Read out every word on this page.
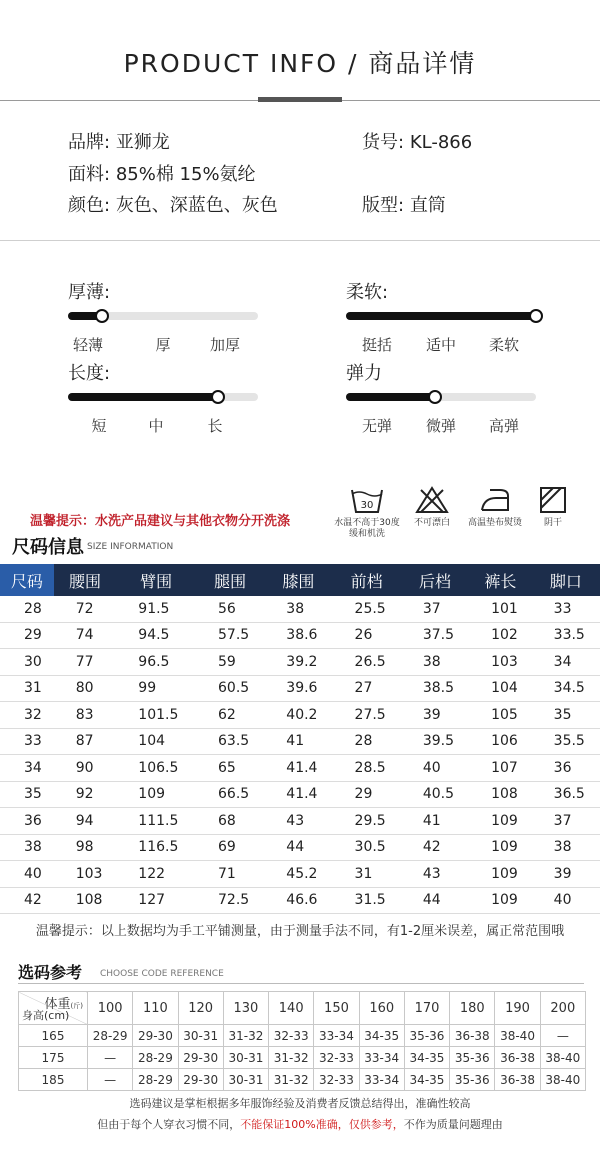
PRODUCT INFO / 商品详情
品牌: 亚狮龙	货号: KL-866
面料: 85%棉 15%氨纶
颜色: 灰色、深蓝色、灰色	版型: 直筒
厚薄:
轻薄	厚	加厚
柔软:
挺括	适中	柔软
长度:
短	中	长
弹力
无弹	微弹	高弹
温馨提示：水洗产品建议与其他衣物分开洗涤
尺码信息 SIZE INFORMATION
30
水温不高于30度缓和机洗
不可漂白	高温垫布熨烫	阴干
尺码	腰围	臂围	腿围	膝围	前档	后档	裤长	脚口
28	72	91.5	56	38	25.5	37	101	33
29	74	94.5	57.5	38.6	26	37.5	102	33.5
30	77	96.5	59	39.2	26.5	38	103	34
31	80	99	60.5	39.6	27	38.5	104	34.5
32	83	101.5	62	40.2	27.5	39	105	35
33	87	104	63.5	41	28	39.5	106	35.5
34	90	106.5	65	41.4	28.5	40	107	36
35	92	109	66.5	41.4	29	40.5	108	36.5
36	94	111.5	68	43	29.5	41	109	37
38	98	116.5	69	44	30.5	42	109	38
40	103	122	71	45.2	31	43	109	39
42	108	127	72.5	46.6	31.5	44	109	40
温馨提示：以上数据均为手工平铺测量，由于测量手法不同，有1-2厘米误差，属正常范围哦
选码参考 CHOOSE CODE REFERENCE
体重(斤)
身高(cm)	100	110	120	130	140	150	160	170	180	190	200
165	28-29	29-30	30-31	31-32	32-33	33-34	34-35	35-36	36-38	38-40	—
175	—	28-29	29-30	30-31	31-32	32-33	33-34	34-35	35-36	36-38	38-40
185	—	28-29	29-30	30-31	31-32	32-33	33-34	34-35	35-36	36-38	38-40
选码建议是掌柜根据多年服饰经验及消费者反馈总结得出，准确性较高
但由于每个人穿衣习惯不同，不能保证100%准确，仅供参考，不作为质量问题理由
